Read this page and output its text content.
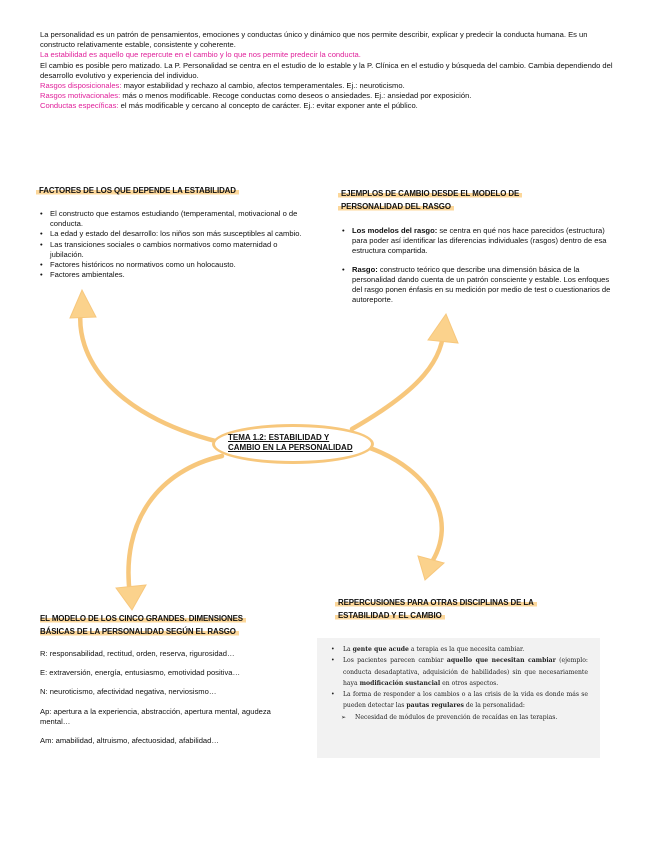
La personalidad es un patrón de pensamientos, emociones y conductas único y dinámico que nos permite describir, explicar y predecir la conducta humana. Es un constructo relativamente estable, consistente y coherente.

La estabilidad es aquello que repercute en el cambio y lo que nos permite predecir la conducta.

El cambio es posible pero matizado. La P. Personalidad se centra en el estudio de lo estable y la P. Clínica en el estudio y búsqueda del cambio. Cambia dependiendo del desarrollo evolutivo y experiencia del individuo.

Rasgos disposicionales: mayor estabilidad y rechazo al cambio, afectos temperamentales. Ej.: neuroticismo.

Rasgos motivacionales: más o menos modificable. Recoge conductas como deseos o ansiedades. Ej.: ansiedad por exposición.

Conductas específicas: el más modificable y cercano al concepto de carácter. Ej.: evitar exponer ante el público.

FACTORES DE LOS QUE DEPENDE LA ESTABILIDAD
• El constructo que estamos estudiando (temperamental, motivacional o de conducta.
• La edad y estado del desarrollo: los niños son más susceptibles al cambio.
• Las transiciones sociales o cambios normativos como maternidad o jubilación.
• Factores históricos no normativos como un holocausto.
• Factores ambientales.
EJEMPLOS DE CAMBIO DESDE EL MODELO DE
PERSONALIDAD DEL RASGO
• Los modelos del rasgo: se centra en qué nos hace parecidos (estructura) para poder así identificar las diferencias individuales (rasgos) dentro de esa estructura compartida.
• Rasgo: constructo teórico que describe una dimensión básica de la personalidad dando cuenta de un patrón consciente y estable. Los enfoques del rasgo ponen énfasis en su medición por medio de test o cuestionarios de autoreporte.
TEMA 1.2: ESTABILIDAD Y
CAMBIO EN LA PERSONALIDAD
EL MODELO DE LOS CINCO GRANDES. DIMENSIONES
BÁSICAS DE LA PERSONALIDAD SEGÚN EL RASGO

R: responsabilidad, rectitud, orden, reserva, rigurosidad…

E: extraversión, energía, entusiasmo, emotividad positiva…

N: neuroticismo, afectividad negativa, nerviosismo…

Ap: apertura a la experiencia, abstracción, apertura mental, agudeza mental…

Am: amabilidad, altruismo, afectuosidad, afabilidad…

REPERCUSIONES PARA OTRAS DISCIPLINAS DE LA
ESTABILIDAD Y EL CAMBIO
• La gente que acude a terapia es la que necesita cambiar.
• Los pacientes parecen cambiar aquello que necesitan cambiar (ejemplo: conducta desadaptativa, adquisición de habilidades) sin que necesariamente haya modificación sustancial en otros aspectos.
• La forma de responder a los cambios o a las crisis de la vida es donde más se pueden detectar las pautas regulares de la personalidad:
➢ Necesidad de módulos de prevención de recaídas en las terapias.
